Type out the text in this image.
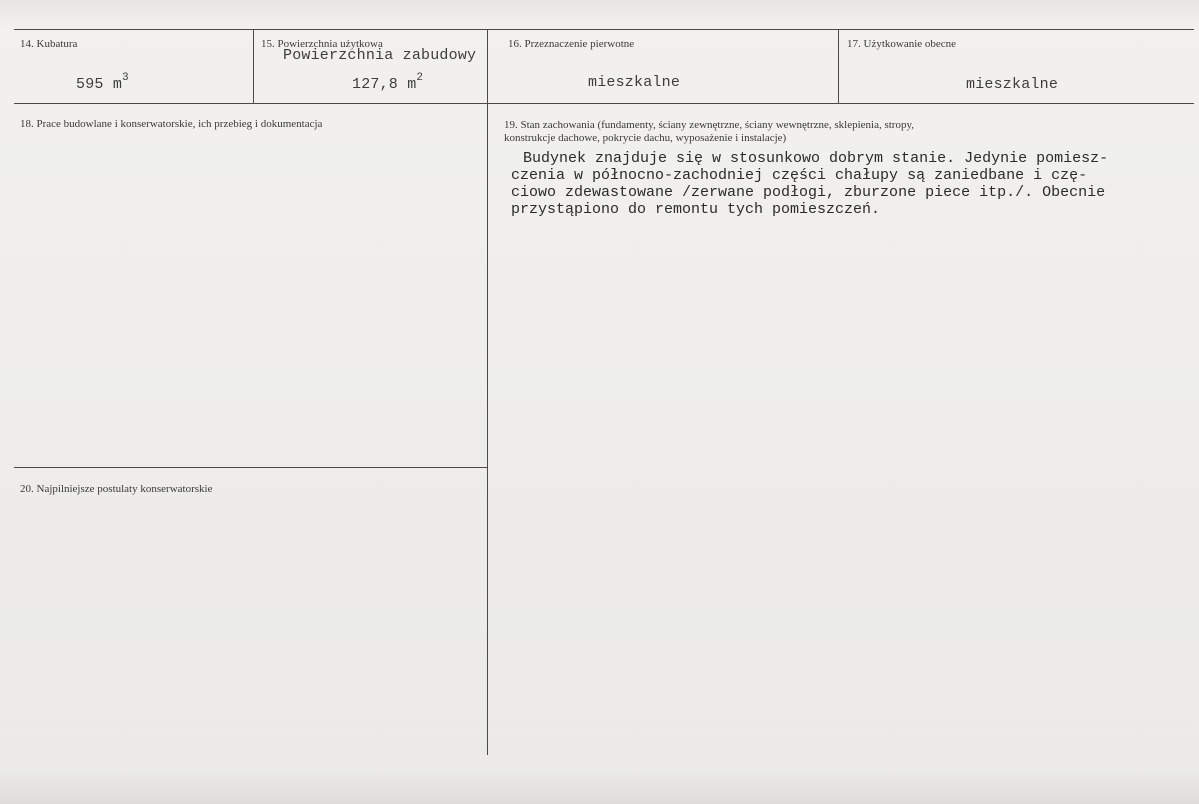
14. Kubatura
595 $m^3$
15. Powierzchnia użytkowa
Powierzchnia zabudowy
127,8 $m^2$
16. Przeznaczenie pierwotne
mieszkalne
17. Użytkowanie obecne
mieszkalne
18. Prace budowlane i konserwatorskie, ich przebieg i dokumentacja	19. Stan zachowania (fundamenty, ściany zewnętrzne, ściany wewnętrzne, sklepienia, stropy,
konstrukcje dachowe, pokrycie dachu, wyposażenie i instalacje)
Budynek znajduje się w stosunkowo dobrym stanie. Jedynie pomiesz-
czenia w północno-zachodniej części chałupy są zaniedbane i czę-
ciowo zdewastowane /zerwane podłogi, zburzone piece itp./. Obecnie
przystąpiono do remontu tych pomieszczeń.
20. Najpilniejsze postulaty konserwatorskie
